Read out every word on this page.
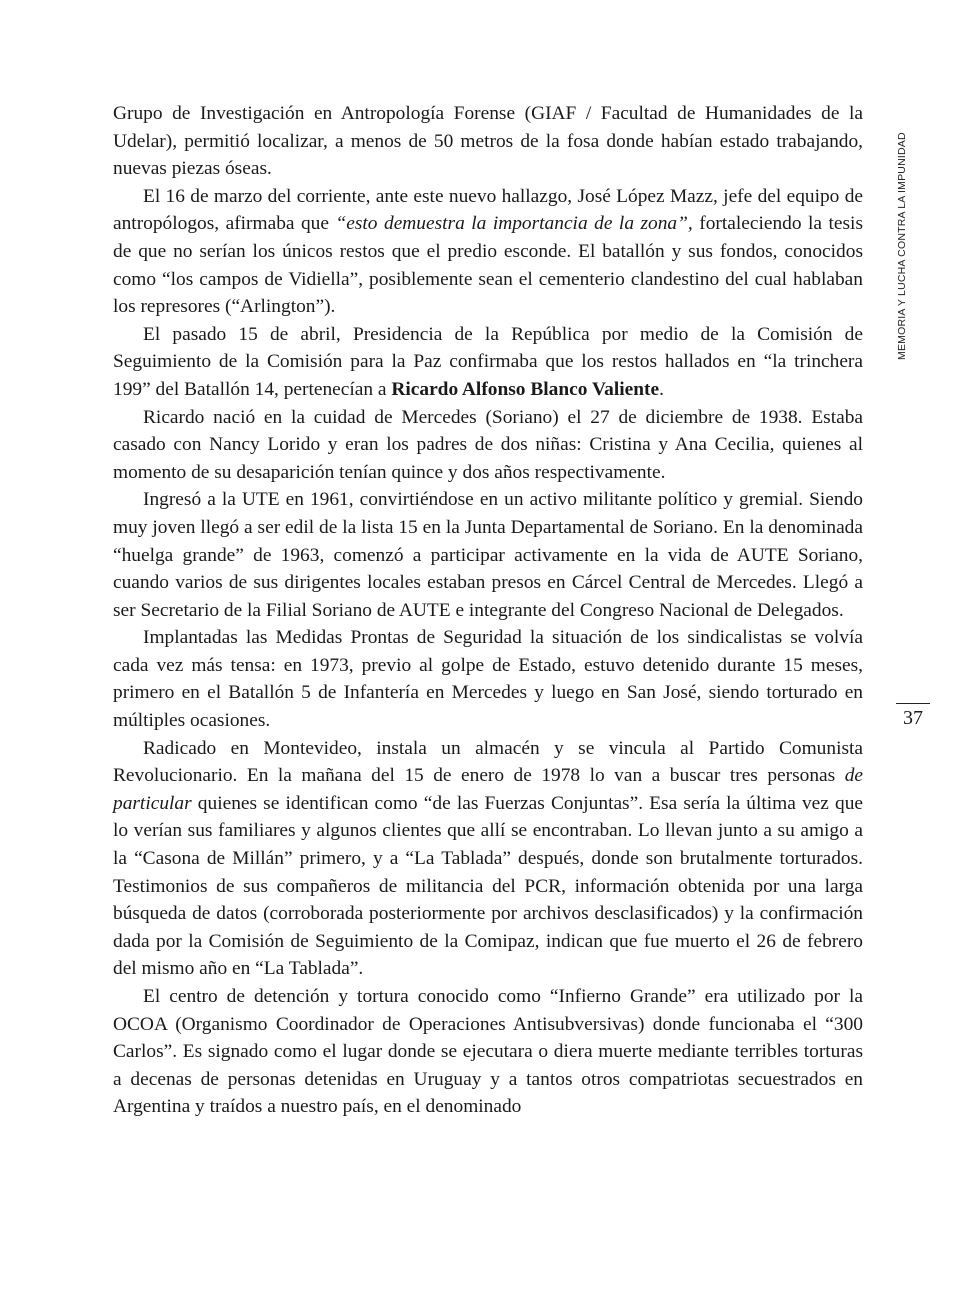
Grupo de Investigación en Antropología Forense (GIAF / Facultad de Humanidades de la Udelar), permitió localizar, a menos de 50 metros de la fosa donde habían estado trabajando, nuevas piezas óseas.

El 16 de marzo del corriente, ante este nuevo hallazgo, José López Mazz, jefe del equipo de antropólogos, afirmaba que “esto demuestra la importancia de la zona”, fortaleciendo la tesis de que no serían los únicos restos que el predio esconde. El batallón y sus fondos, conocidos como “los campos de Vidiella”, posiblemente sean el cementerio clandestino del cual hablaban los represores (“Arlington”).

El pasado 15 de abril, Presidencia de la República por medio de la Comisión de Seguimiento de la Comisión para la Paz confirmaba que los restos hallados en “la trinchera 199” del Batallón 14, pertenecían a Ricardo Alfonso Blanco Valiente.

Ricardo nació en la cuidad de Mercedes (Soriano) el 27 de diciembre de 1938. Estaba casado con Nancy Lorido y eran los padres de dos niñas: Cristina y Ana Cecilia, quienes al momento de su desaparición tenían quince y dos años respectivamente.

Ingresó a la UTE en 1961, convirtiéndose en un activo militante político y gremial. Siendo muy joven llegó a ser edil de la lista 15 en la Junta Departamental de Soriano. En la denominada “huelga grande” de 1963, comenzó a participar activamente en la vida de AUTE Soriano, cuando varios de sus dirigentes locales estaban presos en Cárcel Central de Mercedes. Llegó a ser Secretario de la Filial Soriano de AUTE e integrante del Congreso Nacional de Delegados.

Implantadas las Medidas Prontas de Seguridad la situación de los sindicalistas se volvía cada vez más tensa: en 1973, previo al golpe de Estado, estuvo detenido durante 15 meses, primero en el Batallón 5 de Infantería en Mercedes y luego en San José, siendo torturado en múltiples ocasiones.

Radicado en Montevideo, instala un almacén y se vincula al Partido Comunista Revolucionario. En la mañana del 15 de enero de 1978 lo van a buscar tres personas de particular quienes se identifican como “de las Fuerzas Conjuntas”. Esa sería la última vez que lo verían sus familiares y algunos clientes que allí se encontraban. Lo llevan junto a su amigo a la “Casona de Millán” primero, y a “La Tablada” después, donde son brutalmente torturados. Testimonios de sus compañeros de militancia del PCR, información obtenida por una larga búsqueda de datos (corroborada posteriormente por archivos desclasificados) y la confirmación dada por la Comisión de Seguimiento de la Comipaz, indican que fue muerto el 26 de febrero del mismo año en “La Tablada”.

El centro de detención y tortura conocido como “Infierno Grande” era utilizado por la OCOA (Organismo Coordinador de Operaciones Antisubversivas) donde funcionaba el “300 Carlos”. Es signado como el lugar donde se ejecutara o diera muerte mediante terribles torturas a decenas de personas detenidas en Uruguay y a tantos otros compatriotas secuestrados en Argentina y traídos a nuestro país, en el denominado

MEMORIA Y LUCHA CONTRA LA IMPUNIDAD
37
